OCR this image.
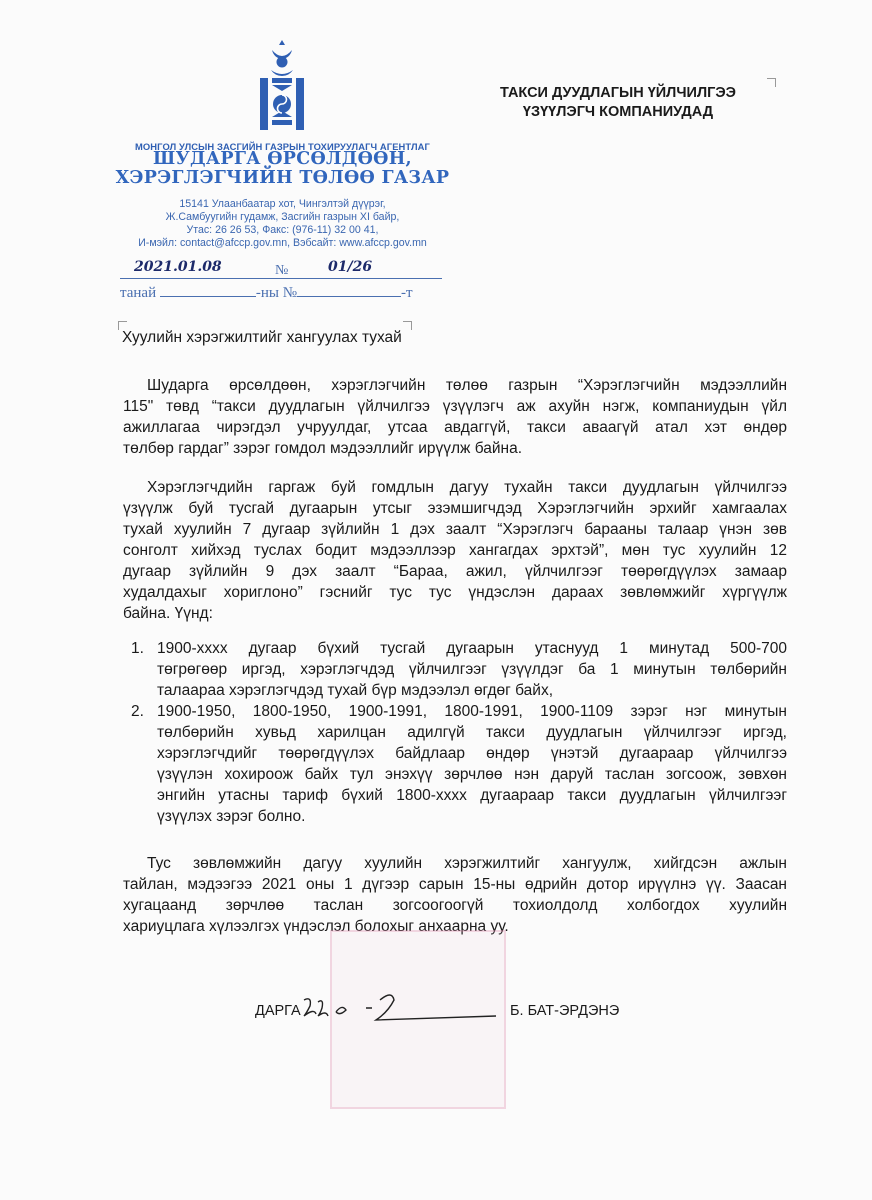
МОНГОЛ УЛСЫН ЗАСГИЙН ГАЗРЫН ТОХИРУУЛАГЧ АГЕНТЛАГ
ШУДАРГА ӨРСӨЛДӨӨН,
ХЭРЭГЛЭГЧИЙН ТӨЛӨӨ ГАЗАР
15141 Улаанбаатар хот, Чингэлтэй дүүрэг,
Ж.Самбуугийн гудамж, Засгийн газрын XI байр,
Утас: 26 26 53, Факс: (976-11) 32 00 41,
И-мэйл: contact@afccp.gov.mn, Вэбсайт: www.afccp.gov.mn
2021.01.08	№	01/26
танай	-ны №	-т
ТАКСИ ДУУДЛАГЫН ҮЙЛЧИЛГЭЭ
ҮЗҮҮЛЭГЧ КОМПАНИУДАД
Хуулийн хэрэгжилтийг хангуулах тухай
Шударга өрсөлдөөн, хэрэглэгчийн төлөө газрын “Хэрэглэгчийн мэдээллийн
115" төвд “такси дуудлагын үйлчилгээ үзүүлэгч аж ахуйн нэгж, компаниудын үйл
ажиллагаа чирэгдэл учруулдаг, утсаа авдаггүй, такси аваагүй атал хэт өндөр
төлбөр гардаг” зэрэг гомдол мэдээллийг ирүүлж байна.
Хэрэглэгчдийн гаргаж буй гомдлын дагуу тухайн такси дуудлагын үйлчилгээ
үзүүлж буй тусгай дугаарын утсыг эзэмшигчдэд Хэрэглэгчийн эрхийг хамгаалах
тухай хуулийн 7 дугаар зүйлийн 1 дэх заалт “Хэрэглэгч барааны талаар үнэн зөв
сонголт хийхэд туслах бодит мэдээллээр хангагдах эрхтэй”, мөн тус хуулийн 12
дугаар зүйлийн 9 дэх заалт “Бараа, ажил, үйлчилгээг төөрөгдүүлэх замаар
худалдахыг хориглоно” гэснийг тус тус үндэслэн дараах зөвлөмжийг хүргүүлж
байна. Үүнд:
1. 1900-xxxx дугаар бүхий тусгай дугаарын утаснууд 1 минутад 500-700
төгрөгөөр иргэд, хэрэглэгчдэд үйлчилгээг үзүүлдэг ба 1 минутын төлбөрийн
талаараа хэрэглэгчдэд тухай бүр мэдээлэл өгдөг байх,
2. 1900-1950, 1800-1950, 1900-1991, 1800-1991, 1900-1109 зэрэг нэг минутын
төлбөрийн хувьд харилцан адилгүй такси дуудлагын үйлчилгээг иргэд,
хэрэглэгчдийг төөрөгдүүлэх байдлаар өндөр үнэтэй дугаараар үйлчилгээ
үзүүлэн хохироож байх тул энэхүү зөрчлөө нэн даруй таслан зогсоож, зөвхөн
энгийн утасны тариф бүхий 1800-xxxx дугаараар такси дуудлагын үйлчилгээг
үзүүлэх зэрэг болно.
Тус зөвлөмжийн дагуу хуулийн хэрэгжилтийг хангуулж, хийгдсэн ажлын
тайлан, мэдээгээ 2021 оны 1 дүгээр сарын 15-ны өдрийн дотор ирүүлнэ үү. Заасан
хугацаанд зөрчлөө таслан зогсоогоогүй тохиолдолд холбогдох хуулийн
хариуцлага хүлээлгэх үндэслэл болохыг анхаарна уу.
ДАРГА	Б. БАТ-ЭРДЭНЭ
